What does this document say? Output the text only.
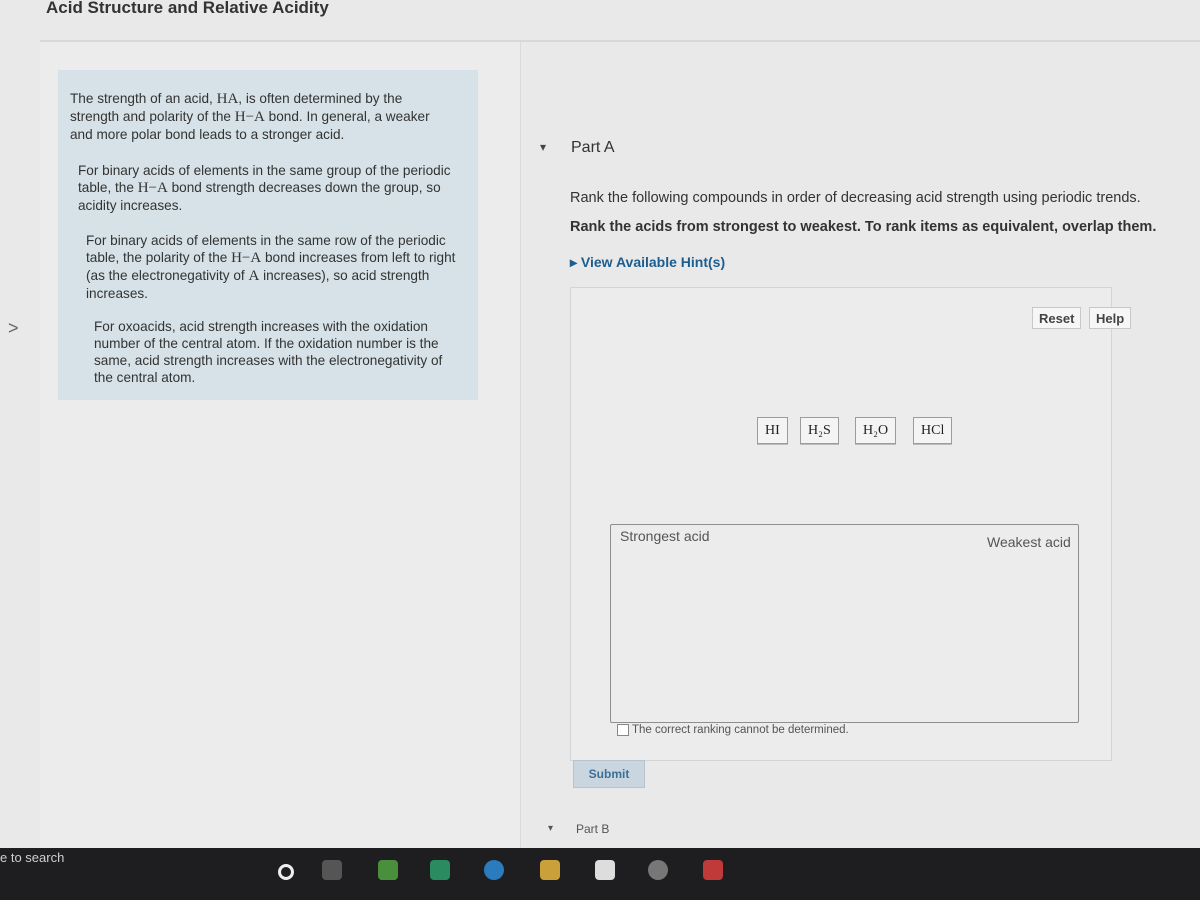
Acid Structure and Relative Acidity
>

The strength of an acid, HA, is often determined by the strength and polarity of the H−A bond. In general, a weaker and more polar bond leads to a stronger acid.

For binary acids of elements in the same group of the periodic table, the H−A bond strength decreases down the group, so acidity increases.

For binary acids of elements in the same row of the periodic table, the polarity of the H−A bond increases from left to right (as the electronegativity of A increases), so acid strength increases.

For oxoacids, acid strength increases with the oxidation number of the central atom. If the oxidation number is the same, acid strength increases with the electronegativity of the central atom.

▾ Part A

Rank the following compounds in order of decreasing acid strength using periodic trends.

Rank the acids from strongest to weakest. To rank items as equivalent, overlap them.

▸ View Available Hint(s)
Reset	Help
HI	H₂S	H₂O	HCl
Strongest acid	Weakest acid
The correct ranking cannot be determined.
Submit
▾ Part B
e to search
